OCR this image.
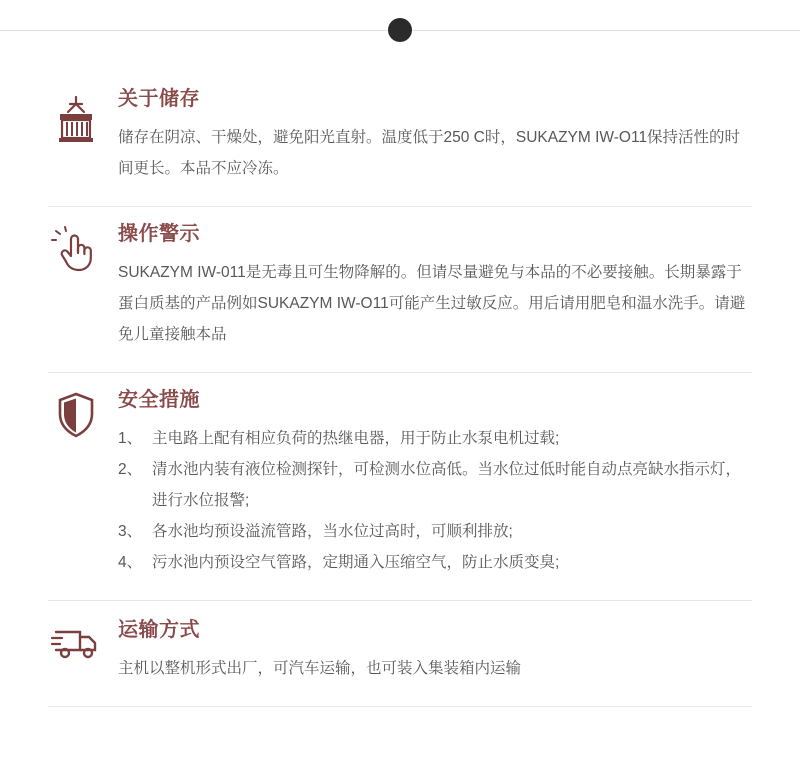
关于储存

储存在阴凉、干燥处，避免阳光直射。温度低于250 C时，SUKAZYM IW-O11保持活性的时间更长。本品不应冷冻。

操作警示

SUKAZYM IW-011是无毒且可生物降解的。但请尽量避免与本品的不必要接触。长期暴露于蛋白质基的产品例如SUKAZYM IW-O11可能产生过敏反应。用后请用肥皂和温水洗手。请避免儿童接触本品

安全措施
1、 主电路上配有相应负荷的热继电器，用于防止水泵电机过载;
2、 清水池内装有液位检测探针，可检测水位高低。当水位过低时能自动点亮缺水指示灯，进行水位报警;
3、 各水池均预设溢流管路，当水位过高时，可顺利排放;
4、 污水池内预设空气管路，定期通入压缩空气，防止水质变臭;
运输方式

主机以整机形式出厂，可汽车运输，也可装入集装箱内运输
